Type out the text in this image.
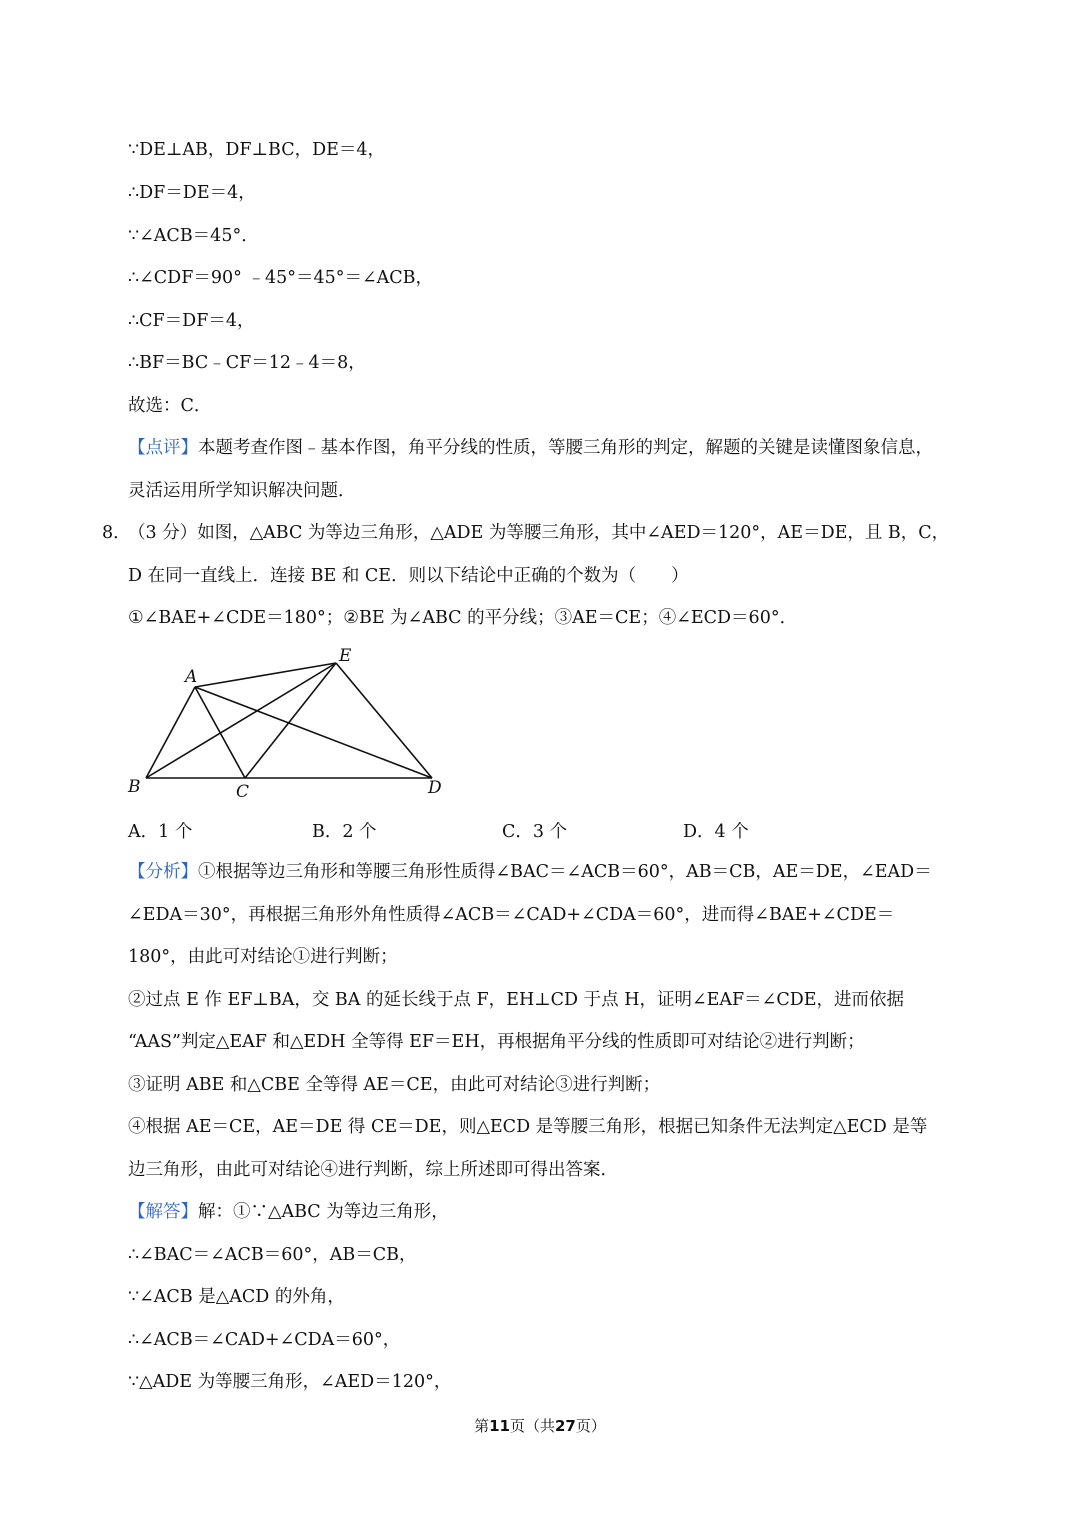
∵DE⊥AB，DF⊥BC，DE＝4，
∴DF＝DE＝4，
∵∠ACB＝45°．
∴∠CDF＝90° ﹣45°＝45°＝∠ACB，
∴CF＝DF＝4，
∴BF＝BC﹣CF＝12﹣4＝8，
故选：C．
【点评】本题考查作图﹣基本作图，角平分线的性质，等腰三角形的判定，解题的关键是读懂图象信息，
灵活运用所学知识解决问题．
8．
（3 分）如图，△ABC 为等边三角形，△ADE 为等腰三角形，其中∠AED＝120°，AE＝DE，且 B，C，
D 在同一直线上．连接 BE 和 CE．则以下结论中正确的个数为（　　）
①∠BAE+∠CDE＝180°；②BE 为∠ABC 的平分线；③AE＝CE；④∠ECD＝60°．
A
E
B	C	D
A．1 个	B．2 个	C．3 个	D．4 个
【分析】①根据等边三角形和等腰三角形性质得∠BAC＝∠ACB＝60°，AB＝CB，AE＝DE，∠EAD＝
∠EDA＝30°，再根据三角形外角性质得∠ACB＝∠CAD+∠CDA＝60°，进而得∠BAE+∠CDE＝
180°，由此可对结论①进行判断；
②过点 E 作 EF⊥BA，交 BA 的延长线于点 F，EH⊥CD 于点 H，证明∠EAF＝∠CDE，进而依据
“AAS”判定△EAF 和△EDH 全等得 EF＝EH，再根据角平分线的性质即可对结论②进行判断；
③证明 ABE 和△CBE 全等得 AE＝CE，由此可对结论③进行判断；
④根据 AE＝CE，AE＝DE 得 CE＝DE，则△ECD 是等腰三角形，根据已知条件无法判定△ECD 是等
边三角形，由此可对结论④进行判断，综上所述即可得出答案．
【解答】解：①∵△ABC 为等边三角形，
∴∠BAC＝∠ACB＝60°，AB＝CB，
∵∠ACB 是△ACD 的外角，
∴∠ACB＝∠CAD+∠CDA＝60°，
∵△ADE 为等腰三角形，∠AED＝120°，
第11页（共27页）
